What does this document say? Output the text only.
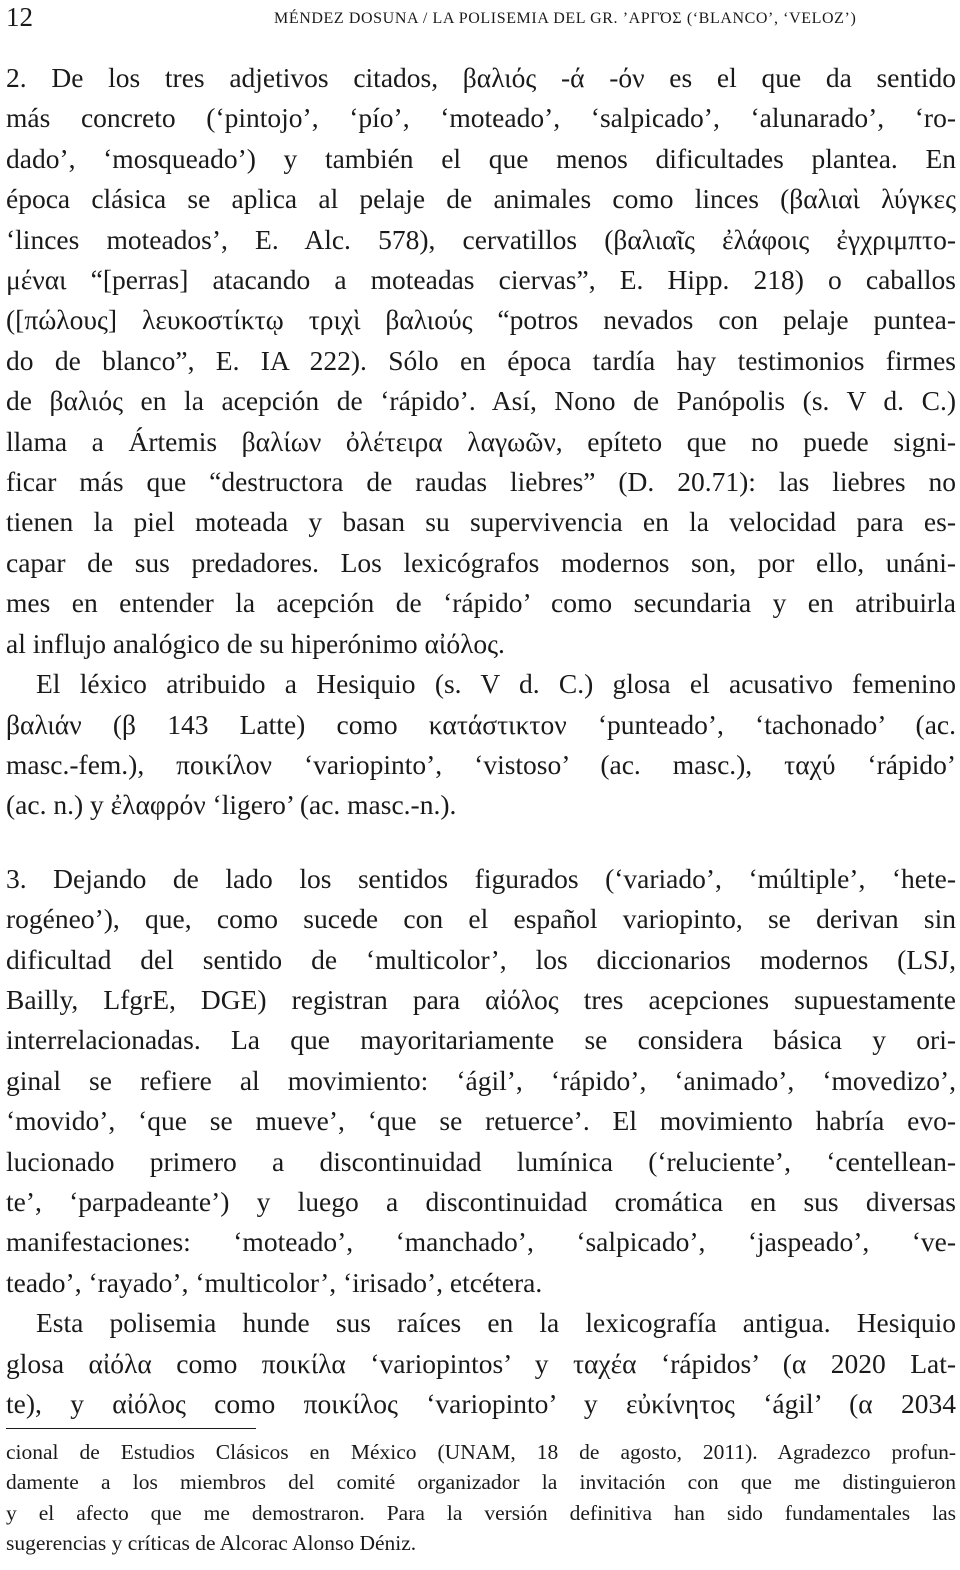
12	MÉNDEZ DOSUNA / LA POLISEMIA DEL GR. ’ΑΡΓΌΣ (‘BLANCO’, ‘VELOZ’)
2. De los tres adjetivos citados, βαλιός -ά -όν es el que da sentido
más concreto (‘pintojo’, ‘pío’, ‘moteado’, ‘salpicado’, ‘alunarado’, ‘ro-
dado’, ‘mosqueado’) y también el que menos dificultades plantea. En
época clásica se aplica al pelaje de animales como linces (βαλιαὶ λύγκες
‘linces moteados’, E. Alc. 578), cervatillos (βαλιαῖς ἐλάφοις ἐγχριμπτο-
μέναι “[perras] atacando a moteadas ciervas”, E. Hipp. 218) o caballos
([πώλους] λευκοστίκτῳ τριχὶ βαλιούς “potros nevados con pelaje puntea-
do de blanco”, E. IA 222). Sólo en época tardía hay testimonios firmes
de βαλιός en la acepción de ‘rápido’. Así, Nono de Panópolis (s. V d. C.)
llama a Ártemis βαλίων ὀλέτειρα λαγωῶν, epíteto que no puede signi-
ficar más que “destructora de raudas liebres” (D. 20.71): las liebres no
tienen la piel moteada y basan su supervivencia en la velocidad para es-
capar de sus predadores. Los lexicógrafos modernos son, por ello, unáni-
mes en entender la acepción de ‘rápido’ como secundaria y en atribuirla
al influjo analógico de su hiperónimo αἰόλος.
El léxico atribuido a Hesiquio (s. V d. C.) glosa el acusativo femenino
βαλιάν (β 143 Latte) como κατάστικτον ‘punteado’, ‘tachonado’ (ac.
masc.-fem.), ποικίλον ‘variopinto’, ‘vistoso’ (ac. masc.), ταχύ ‘rápido’
(ac. n.) y ἐλαφρόν ‘ligero’ (ac. masc.-n.).
3. Dejando de lado los sentidos figurados (‘variado’, ‘múltiple’, ‘hete-
rogéneo’), que, como sucede con el español variopinto, se derivan sin
dificultad del sentido de ‘multicolor’, los diccionarios modernos (LSJ,
Bailly, LfgrE, DGE) registran para αἰόλος tres acepciones supuestamente
interrelacionadas. La que mayoritariamente se considera básica y ori-
ginal se refiere al movimiento: ‘ágil’, ‘rápido’, ‘animado’, ‘movedizo’,
‘movido’, ‘que se mueve’, ‘que se retuerce’. El movimiento habría evo-
lucionado primero a discontinuidad lumínica (‘reluciente’, ‘centellean-
te’, ‘parpadeante’) y luego a discontinuidad cromática en sus diversas
manifestaciones: ‘moteado’, ‘manchado’, ‘salpicado’, ‘jaspeado’, ‘ve-
teado’, ‘rayado’, ‘multicolor’, ‘irisado’, etcétera.
Esta polisemia hunde sus raíces en la lexicografía antigua. Hesiquio
glosa αἰόλα como ποικίλα ‘variopintos’ y ταχέα ‘rápidos’ (α 2020 Lat-
te), y αἰόλος como ποικίλος ‘variopinto’ y εὐκίνητος ‘ágil’ (α 2034
cional de Estudios Clásicos en México (UNAM, 18 de agosto, 2011). Agradezco profun-
damente a los miembros del comité organizador la invitación con que me distinguieron
y el afecto que me demostraron. Para la versión definitiva han sido fundamentales las
sugerencias y críticas de Alcorac Alonso Déniz.
